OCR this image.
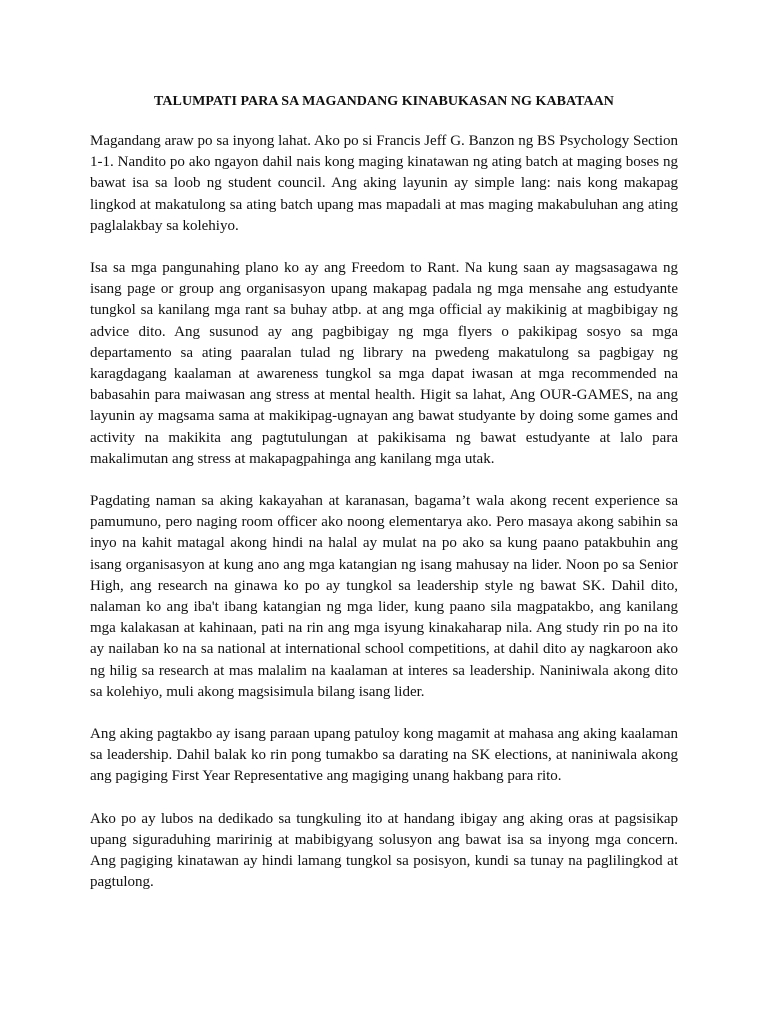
TALUMPATI PARA SA MAGANDANG KINABUKASAN NG KABATAAN

Magandang araw po sa inyong lahat. Ako po si Francis Jeff G. Banzon ng BS Psychology Section 1-1. Nandito po ako ngayon dahil nais kong maging kinatawan ng ating batch at maging boses ng bawat isa sa loob ng student council. Ang aking layunin ay simple lang: nais kong makapag lingkod at makatulong sa ating batch upang mas mapadali at mas maging makabuluhan ang ating paglalakbay sa kolehiyo.

Isa sa mga pangunahing plano ko ay ang Freedom to Rant. Na kung saan ay magsasagawa ng isang page or group ang organisasyon upang makapag padala ng mga mensahe ang estudyante tungkol sa kanilang mga rant sa buhay atbp. at ang mga official ay makikinig at magbibigay ng advice dito. Ang susunod ay ang pagbibigay ng mga flyers o pakikipag sosyo sa mga departamento sa ating paaralan tulad ng library na pwedeng makatulong sa pagbigay ng karagdagang kaalaman at awareness tungkol sa mga dapat iwasan at mga recommended na babasahin para maiwasan ang stress at mental health. Higit sa lahat, Ang OUR-GAMES, na ang layunin ay magsama sama at makikipag-ugnayan ang bawat studyante by doing some games and activity na makikita ang pagtutulungan at pakikisama ng bawat estudyante at lalo para makalimutan ang stress at makapagpahinga ang kanilang mga utak.

Pagdating naman sa aking kakayahan at karanasan, bagama’t wala akong recent experience sa pamumuno, pero naging room officer ako noong elementarya ako. Pero masaya akong sabihin sa inyo na kahit matagal akong hindi na halal ay mulat na po ako sa kung paano patakbuhin ang isang organisasyon at kung ano ang mga katangian ng isang mahusay na lider. Noon po sa Senior High, ang research na ginawa ko po ay tungkol sa leadership style ng bawat SK. Dahil dito, nalaman ko ang iba't ibang katangian ng mga lider, kung paano sila magpatakbo, ang kanilang mga kalakasan at kahinaan, pati na rin ang mga isyung kinakaharap nila. Ang study rin po na ito ay nailaban ko na sa national at international school competitions, at dahil dito ay nagkaroon ako ng hilig sa research at mas malalim na kaalaman at interes sa leadership. Naniniwala akong dito sa kolehiyo, muli akong magsisimula bilang isang lider.

Ang aking pagtakbo ay isang paraan upang patuloy kong magamit at mahasa ang aking kaalaman sa leadership. Dahil balak ko rin pong tumakbo sa darating na SK elections, at naniniwala akong ang pagiging First Year Representative ang magiging unang hakbang para rito.

Ako po ay lubos na dedikado sa tungkuling ito at handang ibigay ang aking oras at pagsisikap upang siguraduhing maririnig at mabibigyang solusyon ang bawat isa sa inyong mga concern. Ang pagiging kinatawan ay hindi lamang tungkol sa posisyon, kundi sa tunay na paglilingkod at pagtulong.
